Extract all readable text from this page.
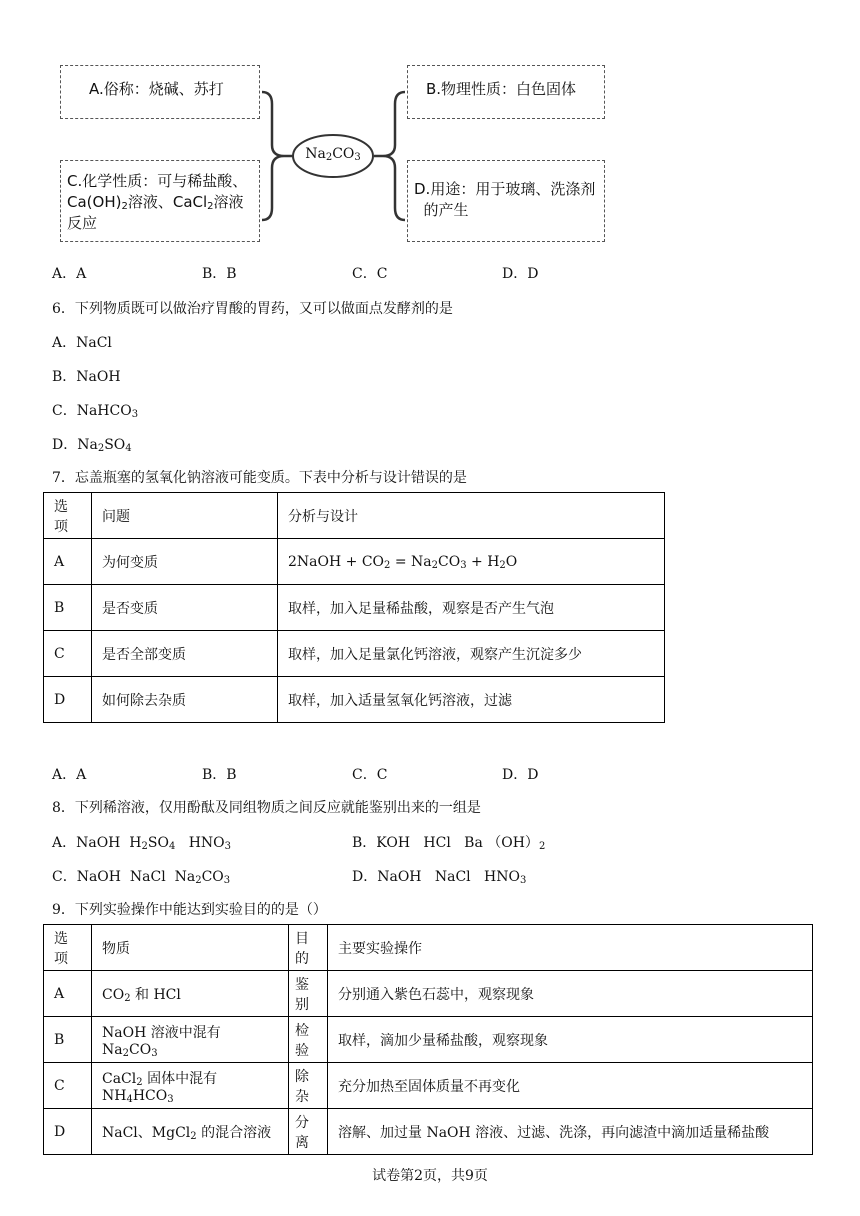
A.俗称：烧碱、苏打	B.物理性质：白色固体
C.化学性质：可与稀盐酸、
$Ca(OH)_2$溶液、CaCl$_2$溶液
反应
D.用途：用于玻璃、洗涤剂
的产生
$Na_2CO_3$
A．A	B．B	C．C	D．D
6．下列物质既可以做治疗胃酸的胃药，又可以做面点发酵剂的是
A．NaCl
B．NaOH
C．NaHCO$_3$
D．$Na_2SO_4$
7．忘盖瓶塞的氢氧化钠溶液可能变质。下表中分析与设计错误的是
选项	问题	分析与设计
A	为何变质	2NaOH + $CO_2 = Na_2CO_3 + H_2O$
B	是否变质	取样，加入足量稀盐酸，观察是否产生气泡
C	是否全部变质	取样，加入足量氯化钙溶液，观察产生沉淀多少
D	如何除去杂质	取样，加入适量氢氧化钙溶液，过滤
A．A	B．B	C．C	D．D
8．下列稀溶液，仅用酚酞及同组物质之间反应就能鉴别出来的一组是
A．NaOH  $H_2SO_4$   $HNO_3$	B．KOH   HCl   Ba $(OH)_2$
C．NaOH  NaCl  $Na_2CO_3$	D．NaOH   NaCl   $HNO_3$
9．下列实验操作中能达到实验目的的是（）
选项	物质	目的	主要实验操作
A	$CO_2$ 和 HCl	鉴别	分别通入紫色石蕊中，观察现象
B	NaOH 溶液中混有 $Na_2CO_3$	检验	取样，滴加少量稀盐酸，观察现象
C	CaCl$_2$ 固体中混有 $NH_4HCO_3$	除杂	充分加热至固体质量不再变化
D	NaCl、MgCl$_2$ 的混合溶液	分离	溶解、加过量 NaOH 溶液、过滤、洗涤，再向滤渣中滴加适量稀盐酸
试卷第2页，共9页
